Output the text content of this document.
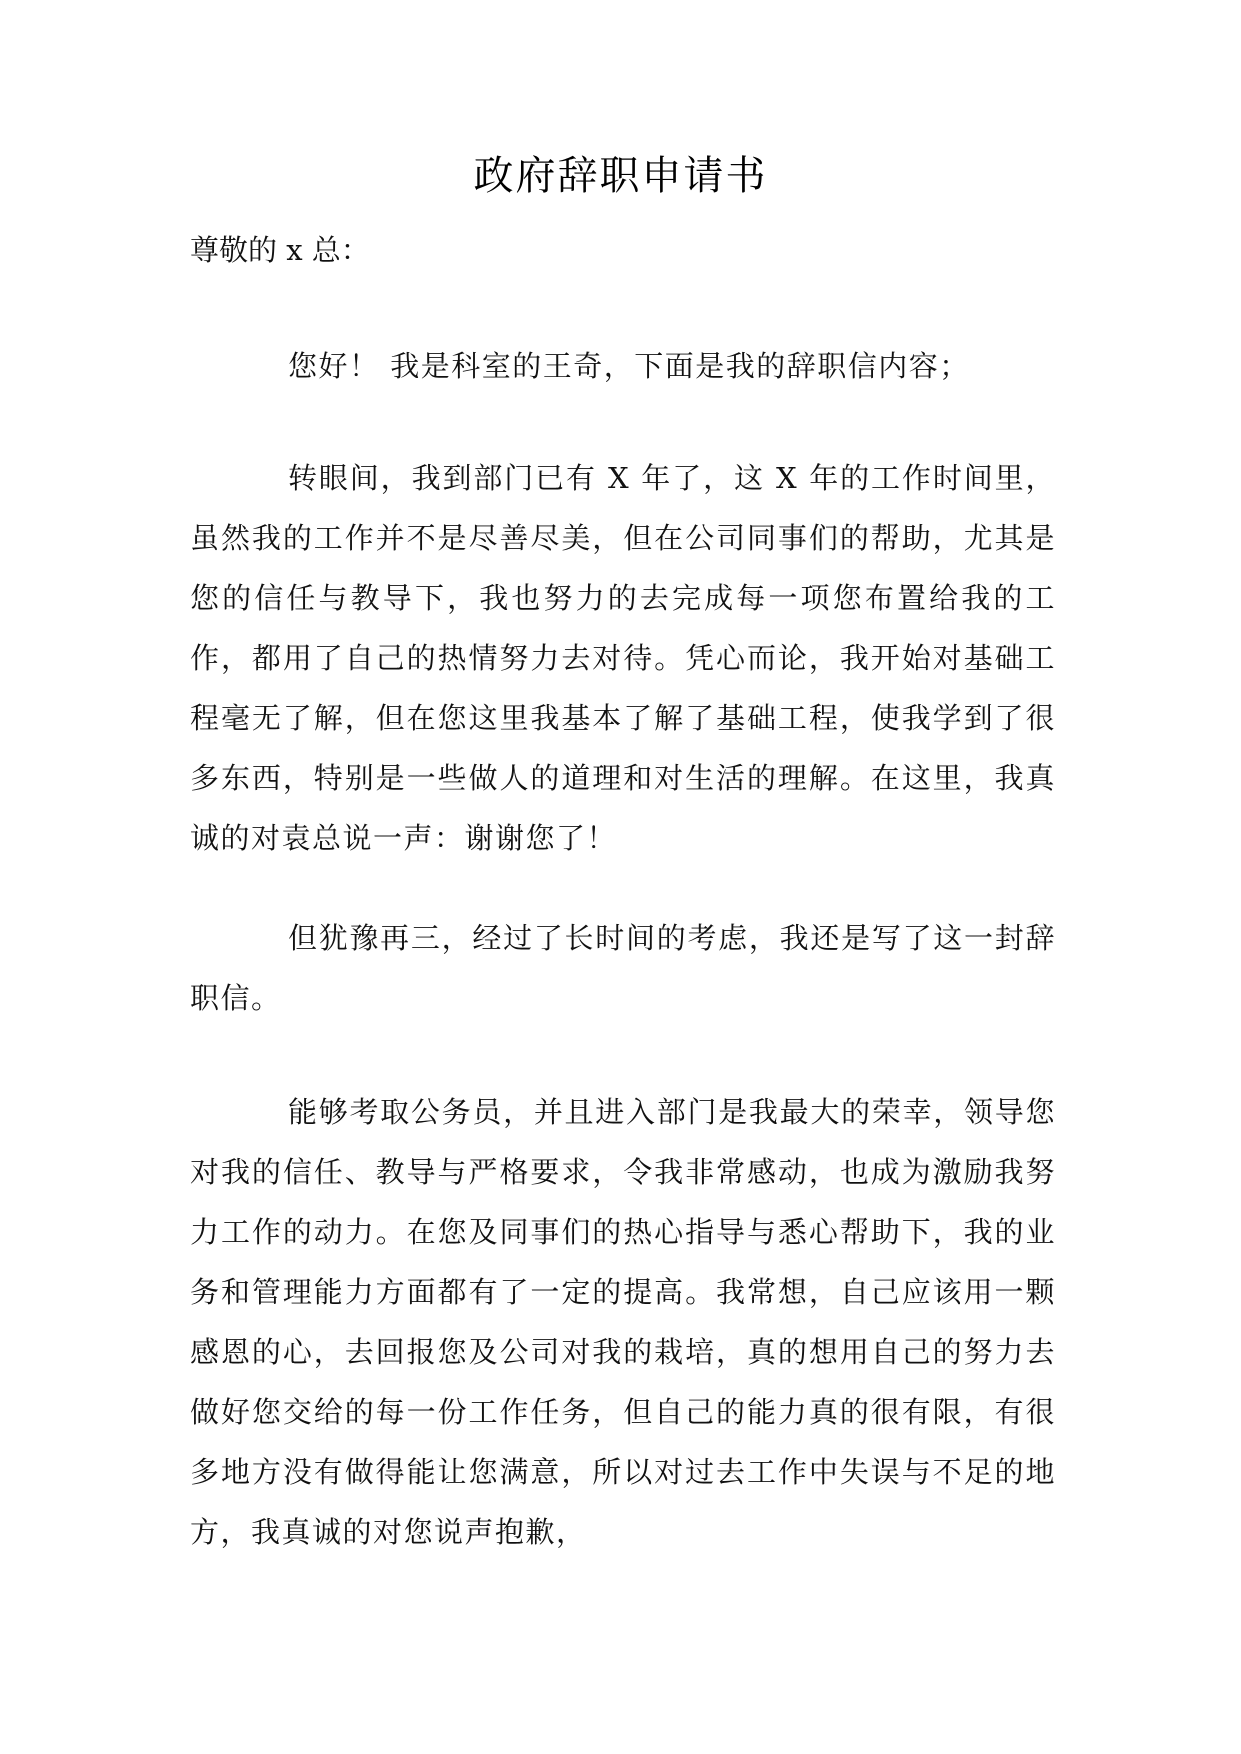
政府辞职申请书
尊敬的 x 总：
您好！ 我是科室的王奇，下面是我的辞职信内容；
转眼间，我到部门已有 X 年了，这 X 年的工作时间里，虽然我的工作并不是尽善尽美，但在公司同事们的帮助，尤其是您的信任与教导下，我也努力的去完成每一项您布置给我的工作，都用了自己的热情努力去对待。凭心而论，我开始对基础工程毫无了解，但在您这里我基本了解了基础工程，使我学到了很多东西，特别是一些做人的道理和对生活的理解。在这里，我真诚的对袁总说一声：谢谢您了！
但犹豫再三，经过了长时间的考虑，我还是写了这一封辞职信。
能够考取公务员，并且进入部门是我最大的荣幸，领导您对我的信任、教导与严格要求，令我非常感动，也成为激励我努力工作的动力。在您及同事们的热心指导与悉心帮助下，我的业务和管理能力方面都有了一定的提高。我常想，自己应该用一颗感恩的心，去回报您及公司对我的栽培，真的想用自己的努力去做好您交给的每一份工作任务，但自己的能力真的很有限，有很多地方没有做得能让您满意，所以对过去工作中失误与不足的地方，我真诚的对您说声抱歉，
